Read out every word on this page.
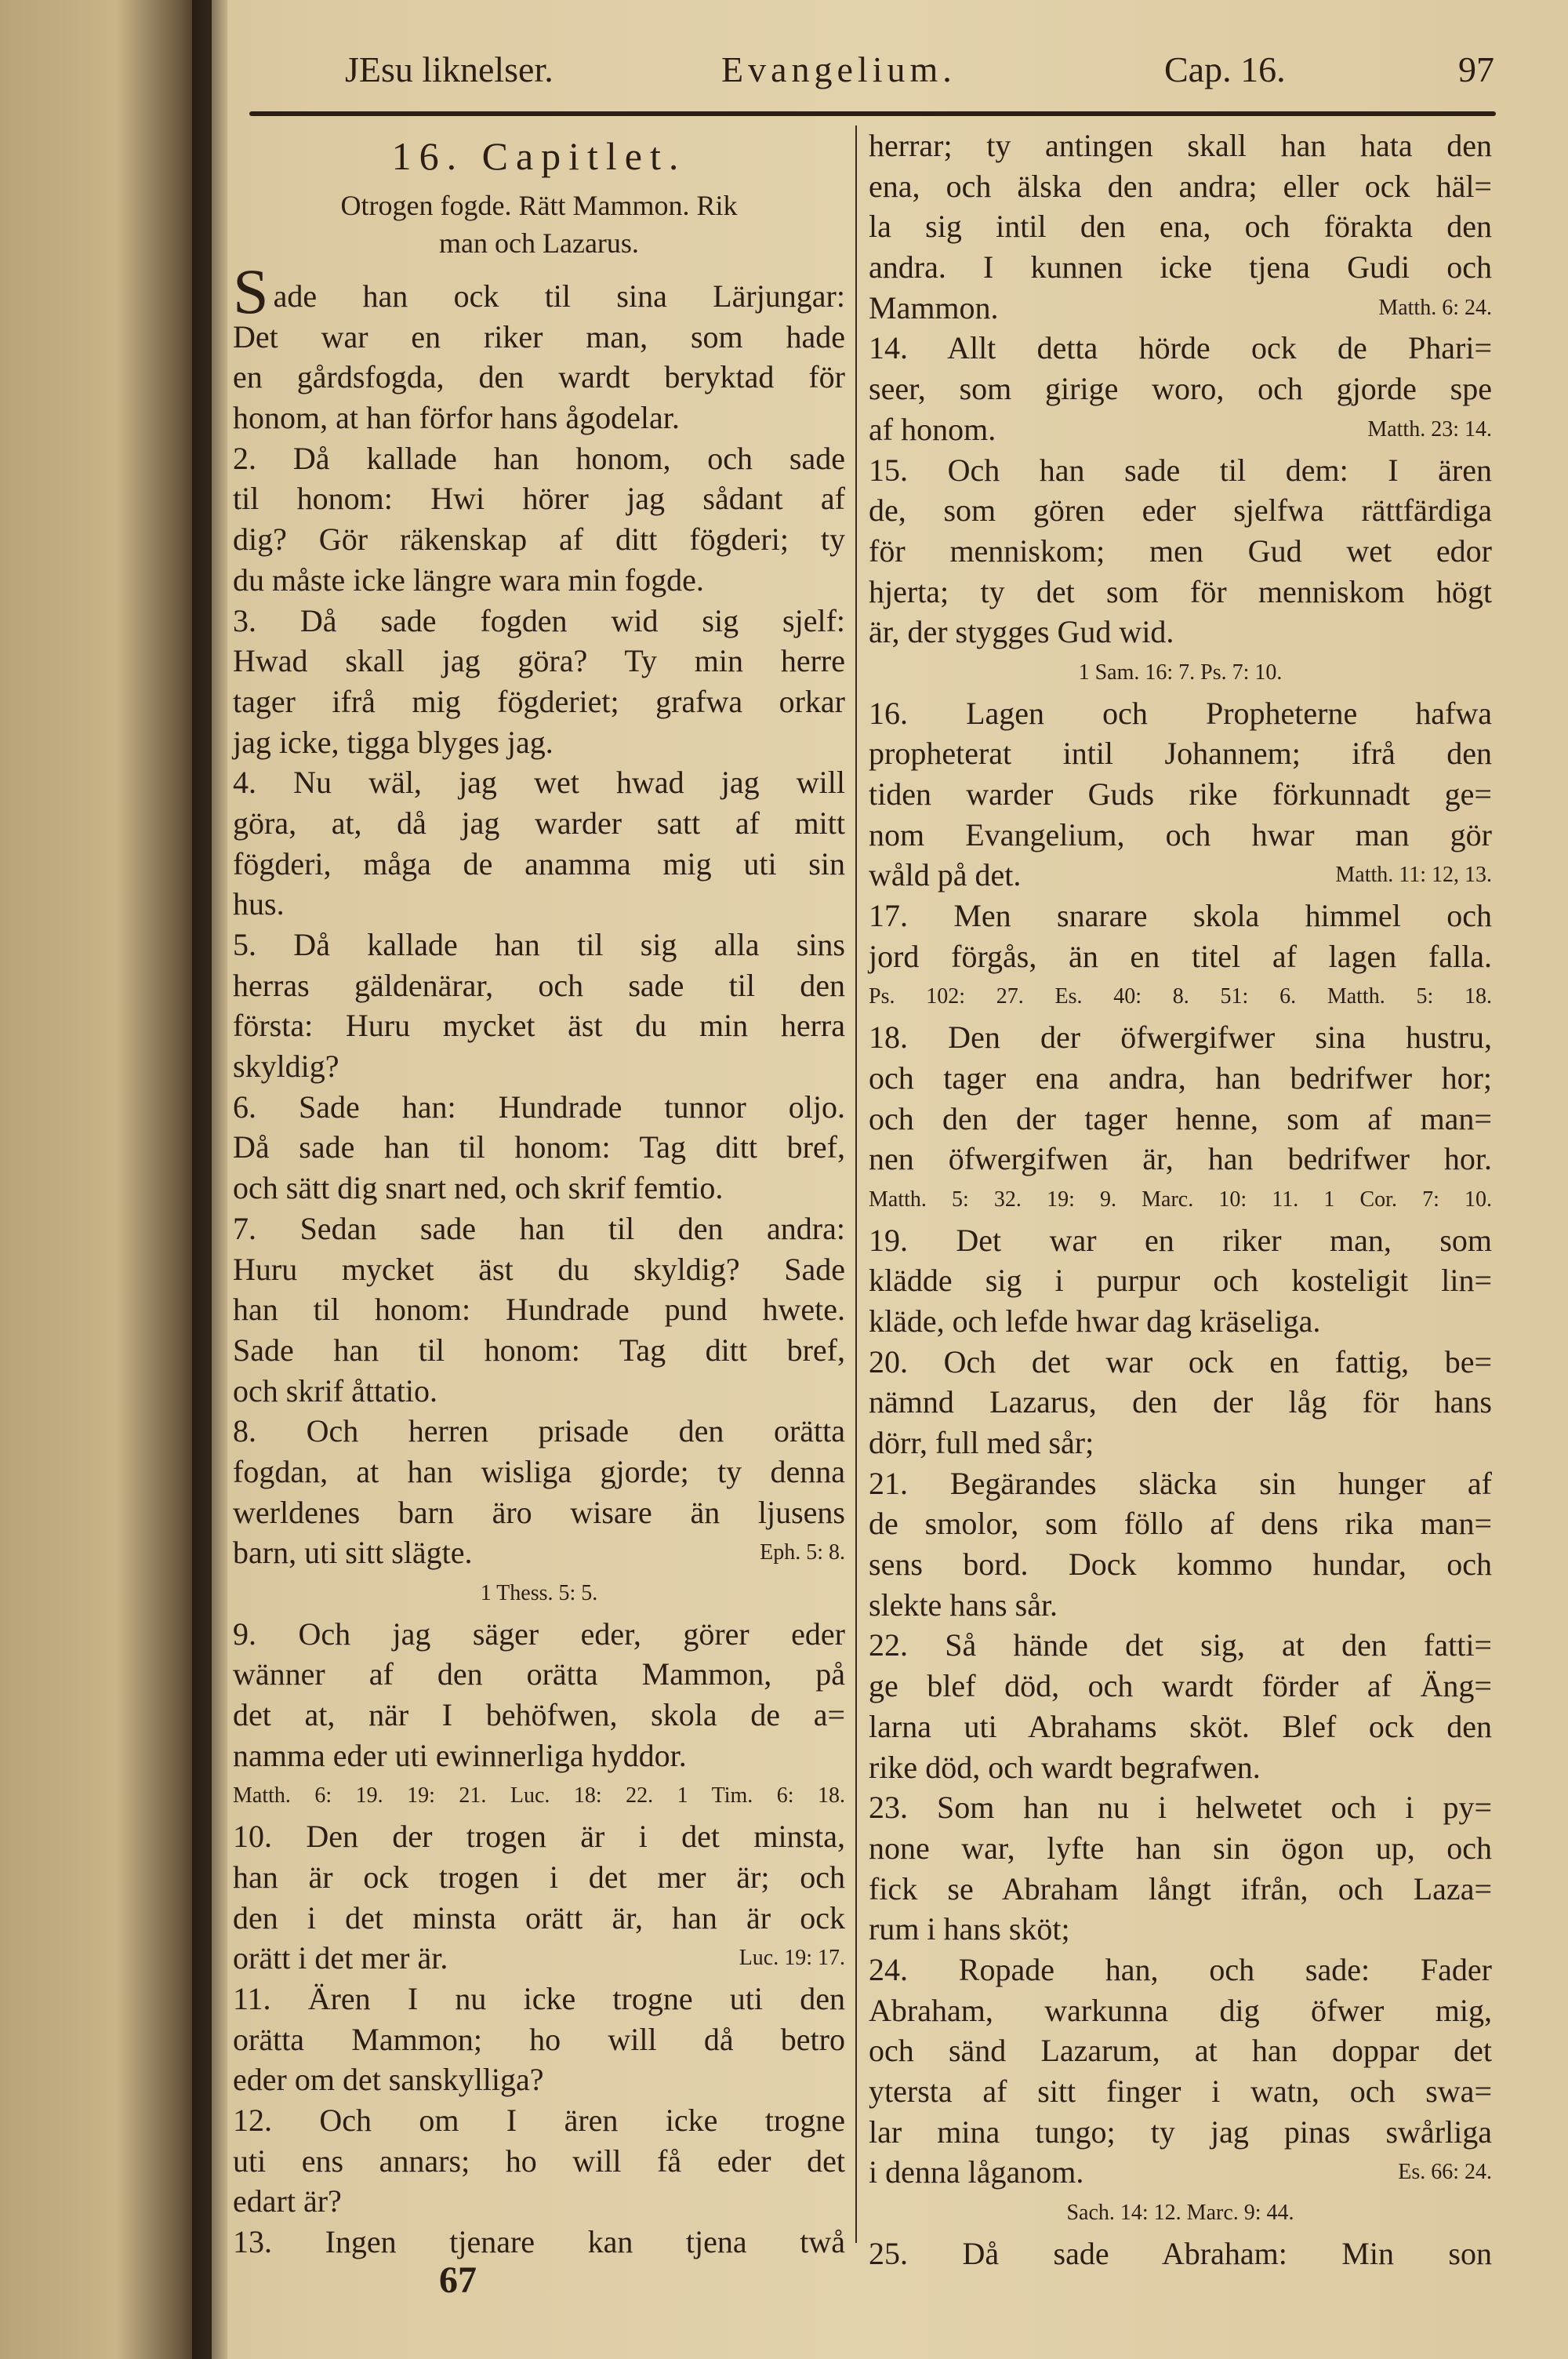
JEsu liknelser.	Evangelium.	Cap. 16.	97
16. Capitlet.
Otrogen fogde. Rätt Mammon. Rik
man och Lazarus.
S ade han ock til sina Lärjungar:
Det war en riker man, som hade
en gårdsfogda, den wardt beryktad för
honom, at han förfor hans ågodelar.
2. Då kallade han honom, och sade
til honom: Hwi hörer jag sådant af
dig? Gör räkenskap af ditt fögderi; ty
du måste icke längre wara min fogde.
3. Då sade fogden wid sig sjelf:
Hwad skall jag göra? Ty min herre
tager ifrå mig fögderiet; grafwa orkar
jag icke, tigga blyges jag.
4. Nu wäl, jag wet hwad jag will
göra, at, då jag warder satt af mitt
fögderi, måga de anamma mig uti sin
hus.
5. Då kallade han til sig alla sins
herras gäldenärar, och sade til den
första: Huru mycket äst du min herra
skyldig?
6. Sade han: Hundrade tunnor oljo.
Då sade han til honom: Tag ditt bref,
och sätt dig snart ned, och skrif femtio.
7. Sedan sade han til den andra:
Huru mycket äst du skyldig? Sade
han til honom: Hundrade pund hwete.
Sade han til honom: Tag ditt bref,
och skrif åttatio.
8. Och herren prisade den orätta
fogdan, at han wisliga gjorde; ty denna
werldenes barn äro wisare än ljusens
barn, uti sitt slägte.	Eph. 5: 8.
1 Thess. 5: 5.
9. Och jag säger eder, görer eder
wänner af den orätta Mammon, på
det at, när I behöfwen, skola de a=
namma eder uti ewinnerliga hyddor.
Matth. 6: 19. 19: 21. Luc. 18: 22. 1 Tim. 6: 18.
10. Den der trogen är i det minsta,
han är ock trogen i det mer är; och
den i det minsta orätt är, han är ock
orätt i det mer är.	Luc. 19: 17.
11. Ären I nu icke trogne uti den
orätta Mammon; ho will då betro
eder om det sanskylliga?
12. Och om I ären icke trogne
uti ens annars; ho will få eder det
edart är?
13. Ingen tjenare kan tjena twå
herrar; ty antingen skall han hata den
ena, och älska den andra; eller ock häl=
la sig intil den ena, och förakta den
andra. I kunnen icke tjena Gudi och
Mammon.	Matth. 6: 24.
14. Allt detta hörde ock de Phari=
seer, som girige woro, och gjorde spe
af honom.	Matth. 23: 14.
15. Och han sade til dem: I ären
de, som gören eder sjelfwa rättfärdiga
för menniskom; men Gud wet edor
hjerta; ty det som för menniskom högt
är, der stygges Gud wid.
1 Sam. 16: 7. Ps. 7: 10.
16. Lagen och Propheterne hafwa
propheterat intil Johannem; ifrå den
tiden warder Guds rike förkunnadt ge=
nom Evangelium, och hwar man gör
wåld på det.	Matth. 11: 12, 13.
17. Men snarare skola himmel och
jord förgås, än en titel af lagen falla.
Ps. 102: 27. Es. 40: 8. 51: 6. Matth. 5: 18.
18. Den der öfwergifwer sina hustru,
och tager ena andra, han bedrifwer hor;
och den der tager henne, som af man=
nen öfwergifwen är, han bedrifwer hor.
Matth. 5: 32. 19: 9. Marc. 10: 11. 1 Cor. 7: 10.
19. Det war en riker man, som
klädde sig i purpur och kosteligit lin=
kläde, och lefde hwar dag kräseliga.
20. Och det war ock en fattig, be=
nämnd Lazarus, den der låg för hans
dörr, full med sår;
21. Begärandes släcka sin hunger af
de smolor, som föllo af dens rika man=
sens bord. Dock kommo hundar, och
slekte hans sår.
22. Så hände det sig, at den fatti=
ge blef död, och wardt förder af Äng=
larna uti Abrahams sköt. Blef ock den
rike död, och wardt begrafwen.
23. Som han nu i helwetet och i py=
none war, lyfte han sin ögon up, och
fick se Abraham långt ifrån, och Laza=
rum i hans sköt;
24. Ropade han, och sade: Fader
Abraham, warkunna dig öfwer mig,
och sänd Lazarum, at han doppar det
ytersta af sitt finger i watn, och swa=
lar mina tungo; ty jag pinas swårliga
i denna låganom.	Es. 66: 24.
Sach. 14: 12. Marc. 9: 44.
25. Då sade Abraham: Min son
67
